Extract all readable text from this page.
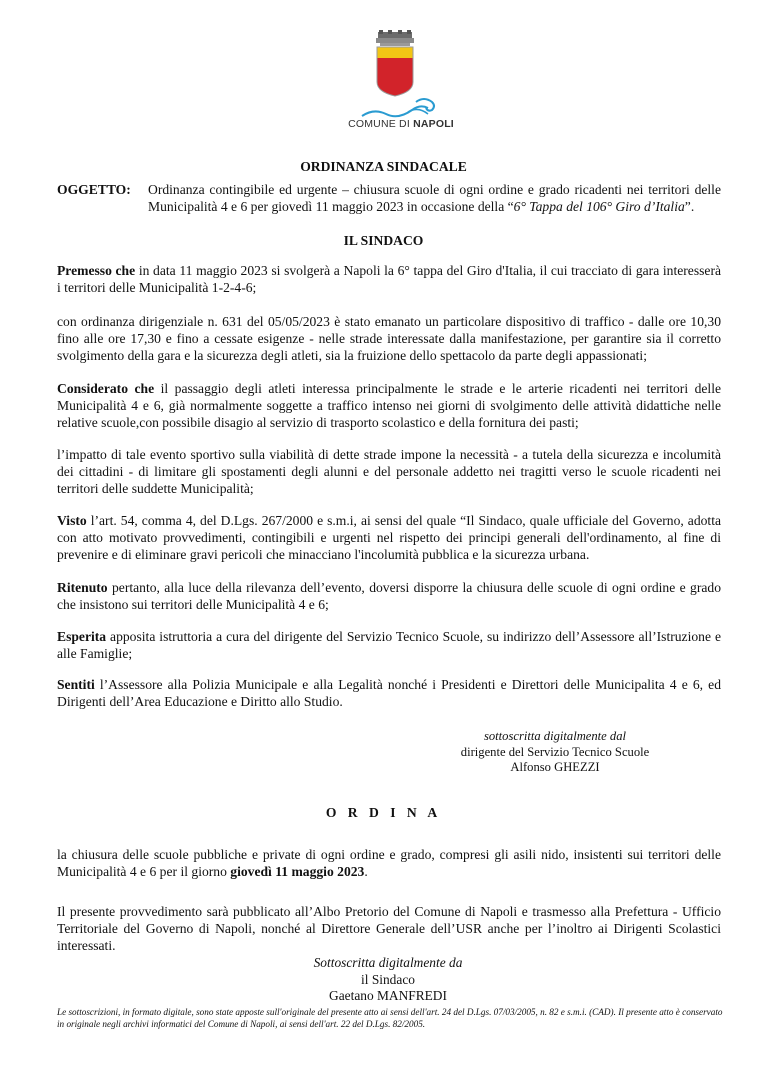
COMUNE DI NAPOLI
ORDINANZA SINDACALE
OGGETTO: Ordinanza contingibile ed urgente – chiusura scuole di ogni ordine e grado ricadenti nei territori delle Municipalità 4 e 6 per giovedì 11 maggio 2023 in occasione della “6° Tappa del 106° Giro d’Italia”.
IL SINDACO
Premesso che in data 11 maggio 2023 si svolgerà a Napoli la 6° tappa del Giro d'Italia, il cui tracciato di gara interesserà i territori delle Municipalità 1-2-4-6;
con ordinanza dirigenziale n. 631 del 05/05/2023 è stato emanato un particolare dispositivo di traffico - dalle ore 10,30 fino alle ore 17,30 e fino a cessate esigenze - nelle strade interessate dalla manifestazione, per garantire sia il corretto svolgimento della gara e la sicurezza degli atleti, sia la fruizione dello spettacolo da parte degli appassionati;
Considerato che il passaggio degli atleti interessa principalmente le strade e le arterie ricadenti nei territori delle Municipalità 4 e 6, già normalmente soggette a traffico intenso nei giorni di svolgimento delle attività didattiche nelle relative scuole,con possibile disagio al servizio di trasporto scolastico e della fornitura dei pasti;
l’impatto di tale evento sportivo sulla viabilità di dette strade impone la necessità - a tutela della sicurezza e incolumità dei cittadini - di limitare gli spostamenti degli alunni e del personale addetto nei tragitti verso le scuole ricadenti nei territori delle suddette Municipalità;
Visto l’art. 54, comma 4, del D.Lgs. 267/2000 e s.m.i, ai sensi del quale “Il Sindaco, quale ufficiale del Governo, adotta con atto motivato provvedimenti, contingibili e urgenti nel rispetto dei principi generali dell'ordinamento, al fine di prevenire e di eliminare gravi pericoli che minacciano l'incolumità pubblica e la sicurezza urbana.
Ritenuto pertanto, alla luce della rilevanza dell’evento, doversi disporre la chiusura delle scuole di ogni ordine e grado che insistono sui territori delle Municipalità 4 e 6;
Esperita apposita istruttoria a cura del dirigente del Servizio Tecnico Scuole, su indirizzo dell’Assessore all’Istruzione e alle Famiglie;
Sentiti l’Assessore alla Polizia Municipale e alla Legalità nonché i Presidenti e Direttori delle Municipalita 4 e 6, ed Dirigenti dell’Area Educazione e Diritto allo Studio.
sottoscritta digitalmente dal
dirigente del Servizio Tecnico Scuole
Alfonso GHEZZI
O R D I N A
la chiusura delle scuole pubbliche e private di ogni ordine e grado, compresi gli asili nido, insistenti sui territori delle Municipalità 4 e 6 per il giorno giovedì 11 maggio 2023.
Il presente provvedimento sarà pubblicato all’Albo Pretorio del Comune di Napoli e trasmesso alla Prefettura - Ufficio Territoriale del Governo di Napoli, nonché al Direttore Generale dell’USR anche per l’inoltro ai Dirigenti Scolastici interessati.
Sottoscritta digitalmente da
il Sindaco
Gaetano MANFREDI
Le sottoscrizioni, in formato digitale, sono state apposte sull'originale del presente atto ai sensi dell'art. 24 del D.Lgs. 07/03/2005, n. 82 e s.m.i. (CAD). Il presente atto è conservato in originale negli archivi informatici del Comune di Napoli, ai sensi dell'art. 22 del D.Lgs. 82/2005.
